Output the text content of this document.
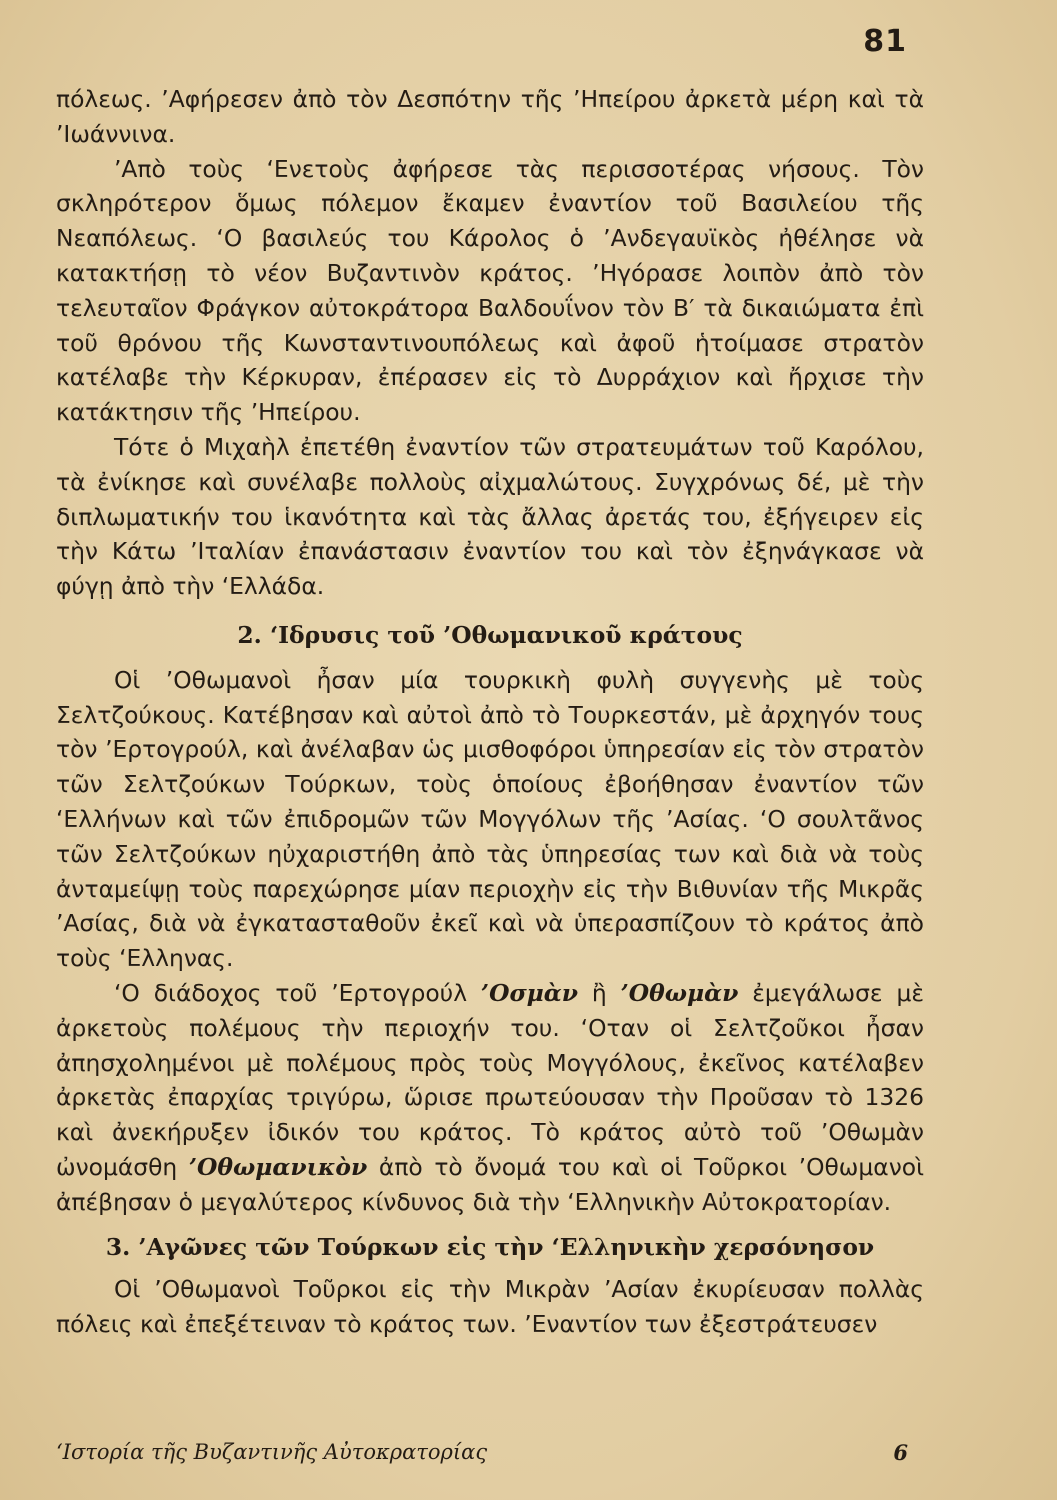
81

πόλεως. ’Αφήρεσεν ἀπὸ τὸν Δεσπότην τῆς ’Ηπείρου ἀρκετὰ μέρη καὶ τὰ ’Ιωάννινα.

’Απὸ τοὺς ‘Ενετοὺς ἀφήρεσε τὰς περισσοτέρας νήσους. Τὸν σκληρότερον ὅμως πόλεμον ἔκαμεν ἐναντίον τοῦ Βασιλείου τῆς Νεαπόλεως. ‘Ο βασιλεύς του Κάρολος ὁ ’Ανδεγαυϊκὸς ἠθέλησε νὰ κατακτήσῃ τὸ νέον Βυζαντινὸν κράτος. ’Ηγόρασε λοιπὸν ἀπὸ τὸν τελευταῖον Φράγκον αὐτοκράτορα Βαλδουΐνον τὸν Β′ τὰ δικαιώματα ἐπὶ τοῦ θρόνου τῆς Κωνσταντινουπόλεως καὶ ἀφοῦ ἡτοίμασε στρατὸν κατέλαβε τὴν Κέρκυραν, ἐπέρασεν εἰς τὸ Δυρράχιον καὶ ἤρχισε τὴν κατάκτησιν τῆς ’Ηπείρου.

Τότε ὁ Μιχαὴλ ἐπετέθη ἐναντίον τῶν στρατευμάτων τοῦ Καρόλου, τὰ ἐνίκησε καὶ συνέλαβε πολλοὺς αἰχμαλώτους. Συγχρόνως δέ, μὲ τὴν διπλωματικήν του ἱκανότητα καὶ τὰς ἄλλας ἀρετάς του, ἐξήγειρεν εἰς τὴν Κάτω ’Ιταλίαν ἐπανάστασιν ἐναντίον του καὶ τὸν ἐξηνάγκασε νὰ φύγῃ ἀπὸ τὴν ‘Ελλάδα.

2. ‘Ιδρυσις τοῦ ’Οθωμανικοῦ κράτους

Οἱ ’Οθωμανοὶ ἦσαν μία τουρκικὴ φυλὴ συγγενὴς μὲ τοὺς Σελτζούκους. Κατέβησαν καὶ αὐτοὶ ἀπὸ τὸ Τουρκεστάν, μὲ ἀρχηγόν τους τὸν ’Ερτογρούλ, καὶ ἀνέλαβαν ὡς μισθοφόροι ὑπηρεσίαν εἰς τὸν στρατὸν τῶν Σελτζούκων Τούρκων, τοὺς ὁποίους ἐβοήθησαν ἐναντίον τῶν ‘Ελλήνων καὶ τῶν ἐπιδρομῶν τῶν Μογγόλων τῆς ’Ασίας. ‘Ο σουλτᾶνος τῶν Σελτζούκων ηὐχαριστήθη ἀπὸ τὰς ὑπηρεσίας των καὶ διὰ νὰ τοὺς ἀνταμείψῃ τοὺς παρεχώρησε μίαν περιοχὴν εἰς τὴν Βιθυνίαν τῆς Μικρᾶς ’Ασίας, διὰ νὰ ἐγκατασταθοῦν ἐκεῖ καὶ νὰ ὑπερασπίζουν τὸ κράτος ἀπὸ τοὺς ‘Ελληνας.

‘Ο διάδοχος τοῦ ’Ερτογρούλ ’Οσμὰν ἢ ’Οθωμὰν ἐμεγάλωσε μὲ ἀρκετοὺς πολέμους τὴν περιοχήν του. ‘Οταν οἱ Σελτζοῦκοι ἦσαν ἀπησχολημένοι μὲ πολέμους πρὸς τοὺς Μογγόλους, ἐκεῖνος κατέλαβεν ἀρκετὰς ἐπαρχίας τριγύρω, ὥρισε πρωτεύουσαν τὴν Προῦσαν τὸ 1326 καὶ ἀνεκήρυξεν ἰδικόν του κράτος. Τὸ κράτος αὐτὸ τοῦ ’Οθωμὰν ὠνομάσθη ’Οθωμανικὸν ἀπὸ τὸ ὄνομά του καὶ οἱ Τοῦρκοι ’Οθωμανοὶ ἀπέβησαν ὁ μεγαλύτερος κίνδυνος διὰ τὴν ‘Ελληνικὴν Αὐτοκρατορίαν.

3. ’Αγῶνες τῶν Τούρκων εἰς τὴν ‘Ελληνικὴν χερσόνησον

Οἱ ’Οθωμανοὶ Τοῦρκοι εἰς τὴν Μικρὰν ’Ασίαν ἐκυρίευσαν πολλὰς πόλεις καὶ ἐπεξέτειναν τὸ κράτος των. ’Εναντίον των ἐξεστράτευσεν

‘Ιστορία τῆς Βυζαντινῆς Αὐτοκρατορίας	6
